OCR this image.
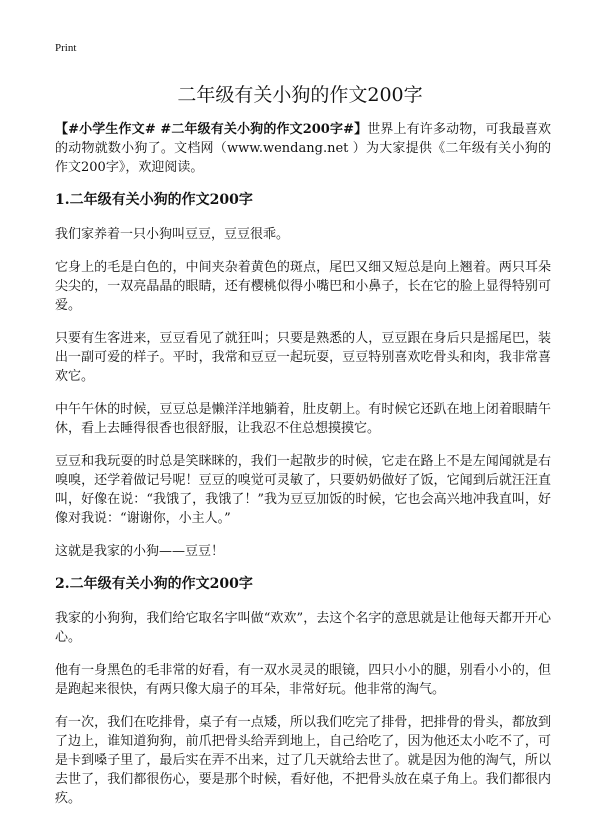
Print
二年级有关小狗的作文200字

【#小学生作文# #二年级有关小狗的作文200字#】世界上有许多动物，可我最喜欢的动物就数小狗了。文档网（www.wendang.net ）为大家提供《二年级有关小狗的作文200字》，欢迎阅读。

1.二年级有关小狗的作文200字

我们家养着一只小狗叫豆豆，豆豆很乖。

它身上的毛是白色的，中间夹杂着黄色的斑点，尾巴又细又短总是向上翘着。两只耳朵尖尖的，一双亮晶晶的眼睛，还有樱桃似得小嘴巴和小鼻子，长在它的脸上显得特别可爱。

只要有生客进来，豆豆看见了就狂叫；只要是熟悉的人，豆豆跟在身后只是摇尾巴，装出一副可爱的样子。平时，我常和豆豆一起玩耍，豆豆特别喜欢吃骨头和肉，我非常喜欢它。

中午午休的时候，豆豆总是懒洋洋地躺着，肚皮朝上。有时候它还趴在地上闭着眼睛午休，看上去睡得很香也很舒服，让我忍不住总想摸摸它。

豆豆和我玩耍的时总是笑眯眯的，我们一起散步的时候，它走在路上不是左闻闻就是右嗅嗅，还学着做记号呢！豆豆的嗅觉可灵敏了，只要奶奶做好了饭，它闻到后就汪汪直叫，好像在说：“我饿了，我饿了！”我为豆豆加饭的时候，它也会高兴地冲我直叫，好像对我说：“谢谢你，小主人。”

这就是我家的小狗——豆豆！

2.二年级有关小狗的作文200字

我家的小狗狗，我们给它取名字叫做“欢欢”，去这个名字的意思就是让他每天都开开心心。

他有一身黑色的毛非常的好看，有一双水灵灵的眼镜，四只小小的腿，别看小小的，但是跑起来很快，有两只像大扇子的耳朵，非常好玩。他非常的淘气。

有一次，我们在吃排骨，桌子有一点矮，所以我们吃完了排骨，把排骨的骨头，都放到了边上，谁知道狗狗，前爪把骨头给弄到地上，自己给吃了，因为他还太小吃不了，可是卡到嗓子里了，最后实在弄不出来，过了几天就给去世了。就是因为他的淘气，所以去世了，我们都很伤心，要是那个时候，看好他，不把骨头放在桌子角上。我们都很内疚。
